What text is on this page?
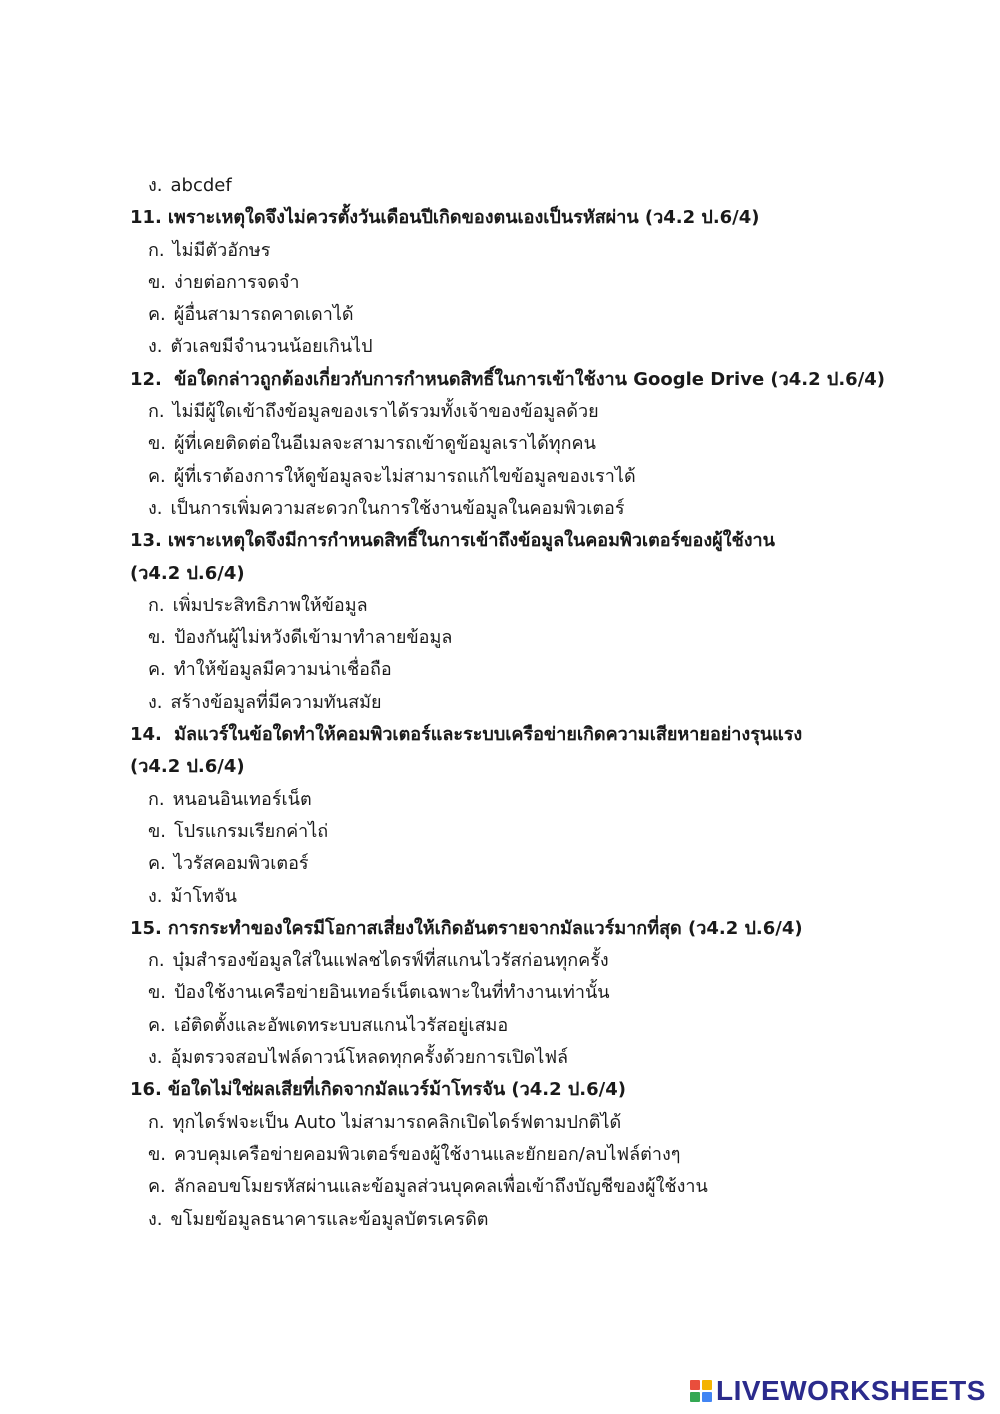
ง. abcdef
11. เพราะเหตุใดจึงไม่ควรตั้งวันเดือนปีเกิดของตนเองเป็นรหัสผ่าน (ว4.2 ป.6/4)
ก. ไม่มีตัวอักษร
ข. ง่ายต่อการจดจำ
ค. ผู้อื่นสามารถคาดเดาได้
ง. ตัวเลขมีจำนวนน้อยเกินไป
12. ข้อใดกล่าวถูกต้องเกี่ยวกับการกำหนดสิทธิ์ในการเข้าใช้งาน Google Drive (ว4.2 ป.6/4)
ก. ไม่มีผู้ใดเข้าถึงข้อมูลของเราได้รวมทั้งเจ้าของข้อมูลด้วย
ข. ผู้ที่เคยติดต่อในอีเมลจะสามารถเข้าดูข้อมูลเราได้ทุกคน
ค. ผู้ที่เราต้องการให้ดูข้อมูลจะไม่สามารถแก้ไขข้อมูลของเราได้
ง. เป็นการเพิ่มความสะดวกในการใช้งานข้อมูลในคอมพิวเตอร์
13. เพราะเหตุใดจึงมีการกำหนดสิทธิ์ในการเข้าถึงข้อมูลในคอมพิวเตอร์ของผู้ใช้งาน
(ว4.2 ป.6/4)
ก. เพิ่มประสิทธิภาพให้ข้อมูล
ข. ป้องกันผู้ไม่หวังดีเข้ามาทำลายข้อมูล
ค. ทำให้ข้อมูลมีความน่าเชื่อถือ
ง. สร้างข้อมูลที่มีความทันสมัย
14. มัลแวร์ในข้อใดทำให้คอมพิวเตอร์และระบบเครือข่ายเกิดความเสียหายอย่างรุนแรง
(ว4.2 ป.6/4)
ก. หนอนอินเทอร์เน็ต
ข. โปรแกรมเรียกค่าไถ่
ค. ไวรัสคอมพิวเตอร์
ง. ม้าโทจัน
15. การกระทำของใครมีโอกาสเสี่ยงให้เกิดอันตรายจากมัลแวร์มากที่สุด (ว4.2 ป.6/4)
ก. บุ๋มสำรองข้อมูลใส่ในแฟลชไดรฟ์ที่สแกนไวรัสก่อนทุกครั้ง
ข. ป้องใช้งานเครือข่ายอินเทอร์เน็ตเฉพาะในที่ทำงานเท่านั้น
ค. เอ๋ติดตั้งและอัพเดทระบบสแกนไวรัสอยู่เสมอ
ง. อุ้มตรวจสอบไฟล์ดาวน์โหลดทุกครั้งด้วยการเปิดไฟล์
16. ข้อใดไม่ใช่ผลเสียที่เกิดจากมัลแวร์ม้าโทรจัน (ว4.2 ป.6/4)
ก. ทุกไดร์ฟจะเป็น Auto ไม่สามารถคลิกเปิดไดร์ฟตามปกติได้
ข. ควบคุมเครือข่ายคอมพิวเตอร์ของผู้ใช้งานและยักยอก/ลบไฟล์ต่างๆ
ค. ลักลอบขโมยรหัสผ่านและข้อมูลส่วนบุคคลเพื่อเข้าถึงบัญชีของผู้ใช้งาน
ง. ขโมยข้อมูลธนาคารและข้อมูลบัตรเครดิต
LIVEWORKSHEETS
